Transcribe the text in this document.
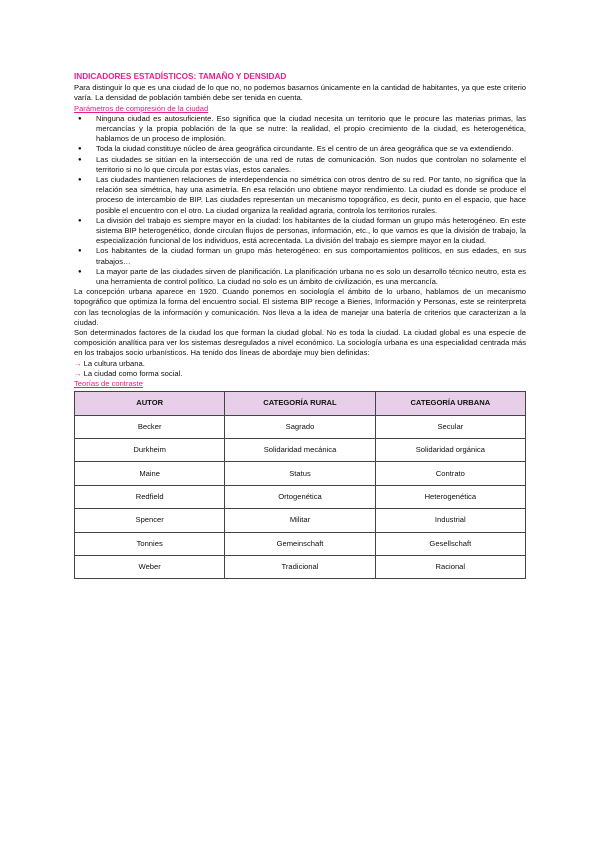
INDICADORES ESTADÍSTICOS: TAMAÑO Y DENSIDAD

Para distinguir lo que es una ciudad de lo que no, no podemos basarnos únicamente en la cantidad de habitantes, ya que este criterio varía. La densidad de población también debe ser tenida en cuenta.

Parámetros de compresión de la ciudad
● Ninguna ciudad es autosuficiente. Eso significa que la ciudad necesita un territorio que le procure las materias primas, las mercancías y la propia población de la que se nutre: la realidad, el propio crecimiento de la ciudad, es heterogenética, hablamos de un proceso de implosión.
● Toda la ciudad constituye núcleo de área geográfica circundante. Es el centro de un área geográfica que se va extendiendo.
● Las ciudades se sitúan en la intersección de una red de rutas de comunicación. Son nudos que controlan no solamente el territorio si no lo que circula por estas vías, estos canales.
● Las ciudades mantienen relaciones de interdependencia no simétrica con otros dentro de su red. Por tanto, no significa que la relación sea simétrica, hay una asimetría. En esa relación uno obtiene mayor rendimiento. La ciudad es donde se produce el proceso de intercambio de BIP. Las ciudades representan un mecanismo topográfico, es decir, punto en el espacio, que hace posible el encuentro con el otro. La ciudad organiza la realidad agraria, controla los territorios rurales.
● La división del trabajo es siempre mayor en la ciudad: los habitantes de la ciudad forman un grupo más heterogéneo. En este sistema BIP heterogenético, donde circulan flujos de personas, información, etc., lo que vamos es que la división de trabajo, la especialización funcional de los individuos, está acrecentada. La división del trabajo es siempre mayor en la ciudad.
● Los habitantes de la ciudad forman un grupo más heterogéneo: en sus comportamientos políticos, en sus edades, en sus trabajos…
● La mayor parte de las ciudades sirven de planificación. La planificación urbana no es solo un desarrollo técnico neutro, esta es una herramienta de control político. La ciudad no solo es un ámbito de civilización, es una mercancía.

La concepción urbana aparece en 1920. Cuando ponemos en sociología el ámbito de lo urbano, hablamos de un mecanismo topográfico que optimiza la forma del encuentro social. El sistema BIP recoge a Bienes, Información y Personas, este se reinterpreta con las tecnologías de la información y comunicación. Nos lleva a la idea de manejar una batería de criterios que caracterizan a la ciudad.

Son determinados factores de la ciudad los que forman la ciudad global. No es toda la ciudad. La ciudad global es una especie de composición analítica para ver los sistemas desregulados a nivel económico. La sociología urbana es una especialidad centrada más en los trabajos socio urbanísticos. Ha tenido dos líneas de abordaje muy bien definidas:

→ La cultura urbana.
→ La ciudad como forma social.
Teorías de contraste
AUTOR	CATEGORÍA RURAL	CATEGORÍA URBANA
Becker	Sagrado	Secular
Durkheim	Solidaridad mecánica	Solidaridad orgánica
Maine	Status	Contrato
Redfield	Ortogenética	Heterogenética
Spencer	Militar	Industrial
Tonnies	Gemeinschaft	Gesellschaft
Weber	Tradicional	Racional
